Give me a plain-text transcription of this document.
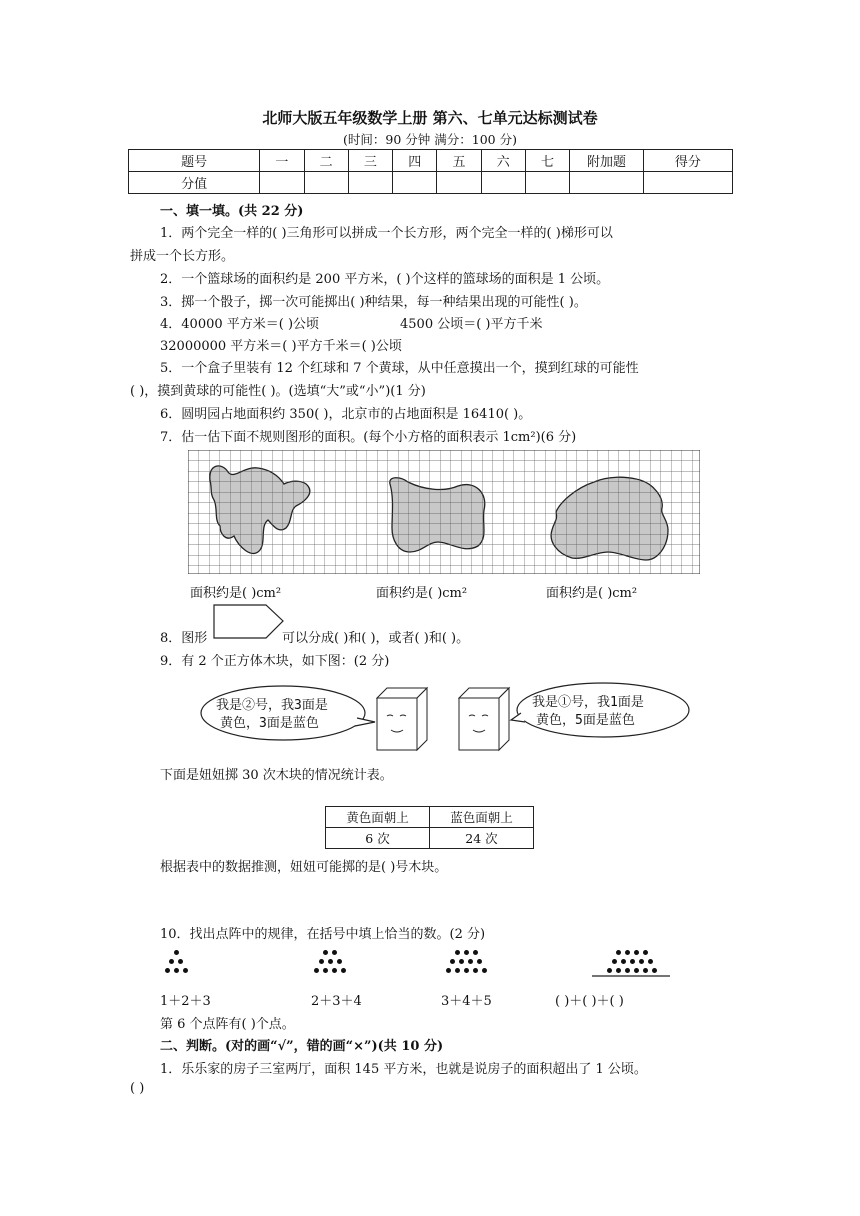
北师大版五年级数学上册 第六、七单元达标测试卷
(时间：90 分钟 满分：100 分)
题号	一	二	三	四	五	六	七	附加题	得分
分值									
一、填一填。(共 22 分)
1．两个完全一样的( )三角形可以拼成一个长方形，两个完全一样的( )梯形可以
拼成一个长方形。
2．一个篮球场的面积约是 200 平方米，( )个这样的篮球场的面积是 1 公顷。
3．掷一个骰子，掷一次可能掷出( )种结果，每一种结果出现的可能性( )。
4．40000 平方米＝( )公顷	4500 公顷＝( )平方千米
32000000 平方米＝( )平方千米＝( )公顷
5．一个盒子里装有 12 个红球和 7 个黄球，从中任意摸出一个，摸到红球的可能性
( )，摸到黄球的可能性( )。(选填“大”或“小”)(1 分)
6．圆明园占地面积约 350( )，北京市的占地面积是 16410( )。
7．估一估下面不规则图形的面积。(每个小方格的面积表示 1cm²)(6 分)
面积约是( )cm²	面积约是( )cm²	面积约是( )cm²
8．图形	可以分成( )和( )，或者( )和( )。
9．有 2 个正方体木块，如下图：(2 分)
我是②号，我3面是
黄色，3面是蓝色
我是①号，我1面是
黄色，5面是蓝色
下面是妞妞掷 30 次木块的情况统计表。
黄色面朝上	蓝色面朝上
6 次	24 次
根据表中的数据推测，妞妞可能掷的是( )号木块。
10．找出点阵中的规律，在括号中填上恰当的数。(2 分)
1＋2＋3	2＋3＋4	3＋4＋5	( )＋( )＋( )
第 6 个点阵有( )个点。
二、判断。(对的画“√”，错的画“×”)(共 10 分)
1．乐乐家的房子三室两厅，面积 145 平方米，也就是说房子的面积超出了 1 公顷。
( )
